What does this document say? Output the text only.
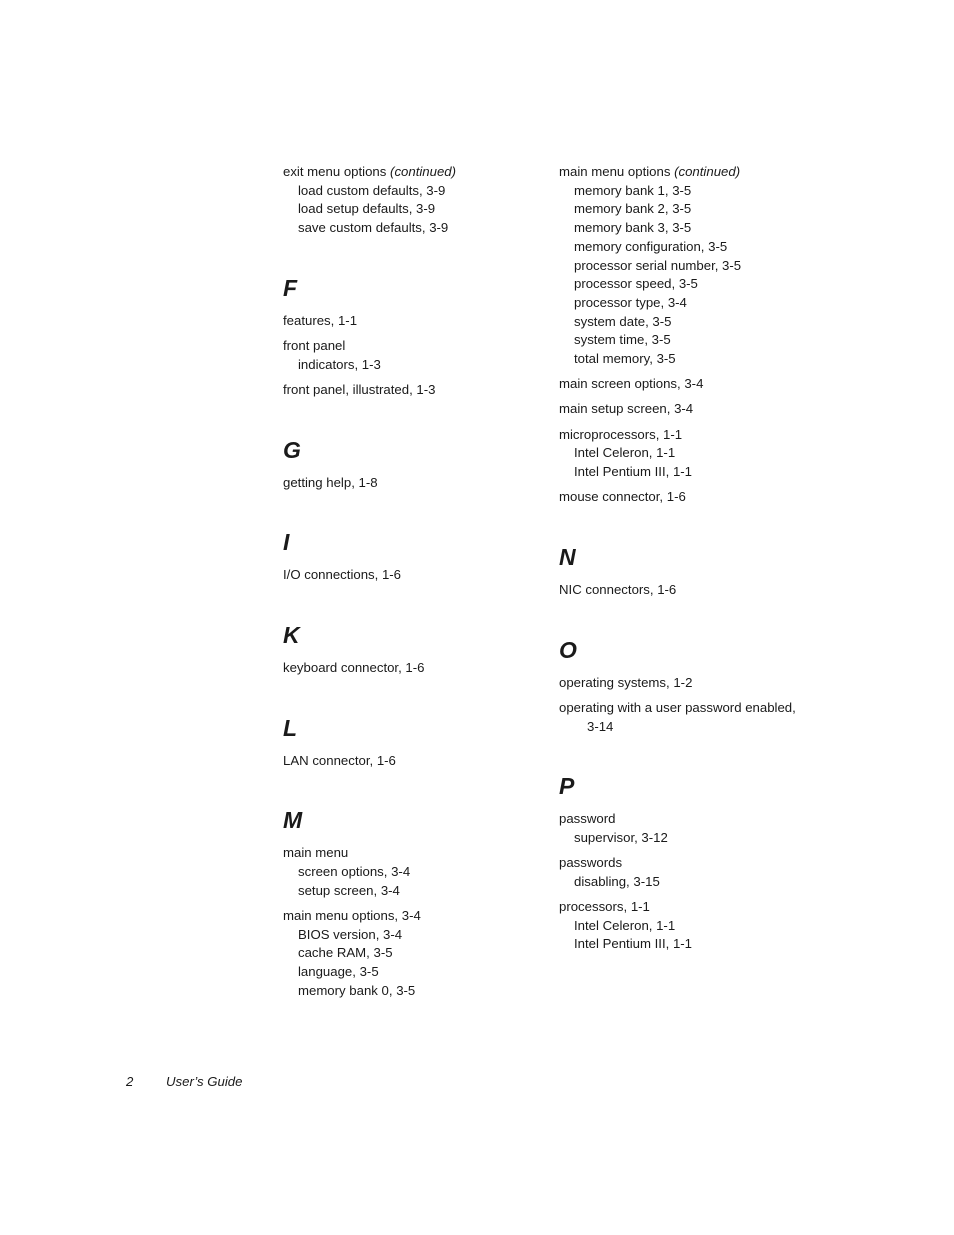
exit menu options (continued)
load custom defaults, 3-9
load setup defaults, 3-9
save custom defaults, 3-9
F
features, 1-1
front panel
indicators, 1-3
front panel, illustrated, 1-3
G
getting help, 1-8
I
I/O connections, 1-6
K
keyboard connector, 1-6
L
LAN connector, 1-6
M
main menu
screen options, 3-4
setup screen, 3-4
main menu options, 3-4
BIOS version, 3-4
cache RAM, 3-5
language, 3-5
memory bank 0, 3-5
main menu options (continued)
memory bank 1, 3-5
memory bank 2, 3-5
memory bank 3, 3-5
memory configuration, 3-5
processor serial number, 3-5
processor speed, 3-5
processor type, 3-4
system date, 3-5
system time, 3-5
total memory, 3-5
main screen options, 3-4
main setup screen, 3-4
microprocessors, 1-1
Intel Celeron, 1-1
Intel Pentium III, 1-1
mouse connector, 1-6
N
NIC connectors, 1-6
O
operating systems, 1-2
operating with a user password enabled,
3-14
P
password
supervisor, 3-12
passwords
disabling, 3-15
processors, 1-1
Intel Celeron, 1-1
Intel Pentium III, 1-1
2 User’s Guide
